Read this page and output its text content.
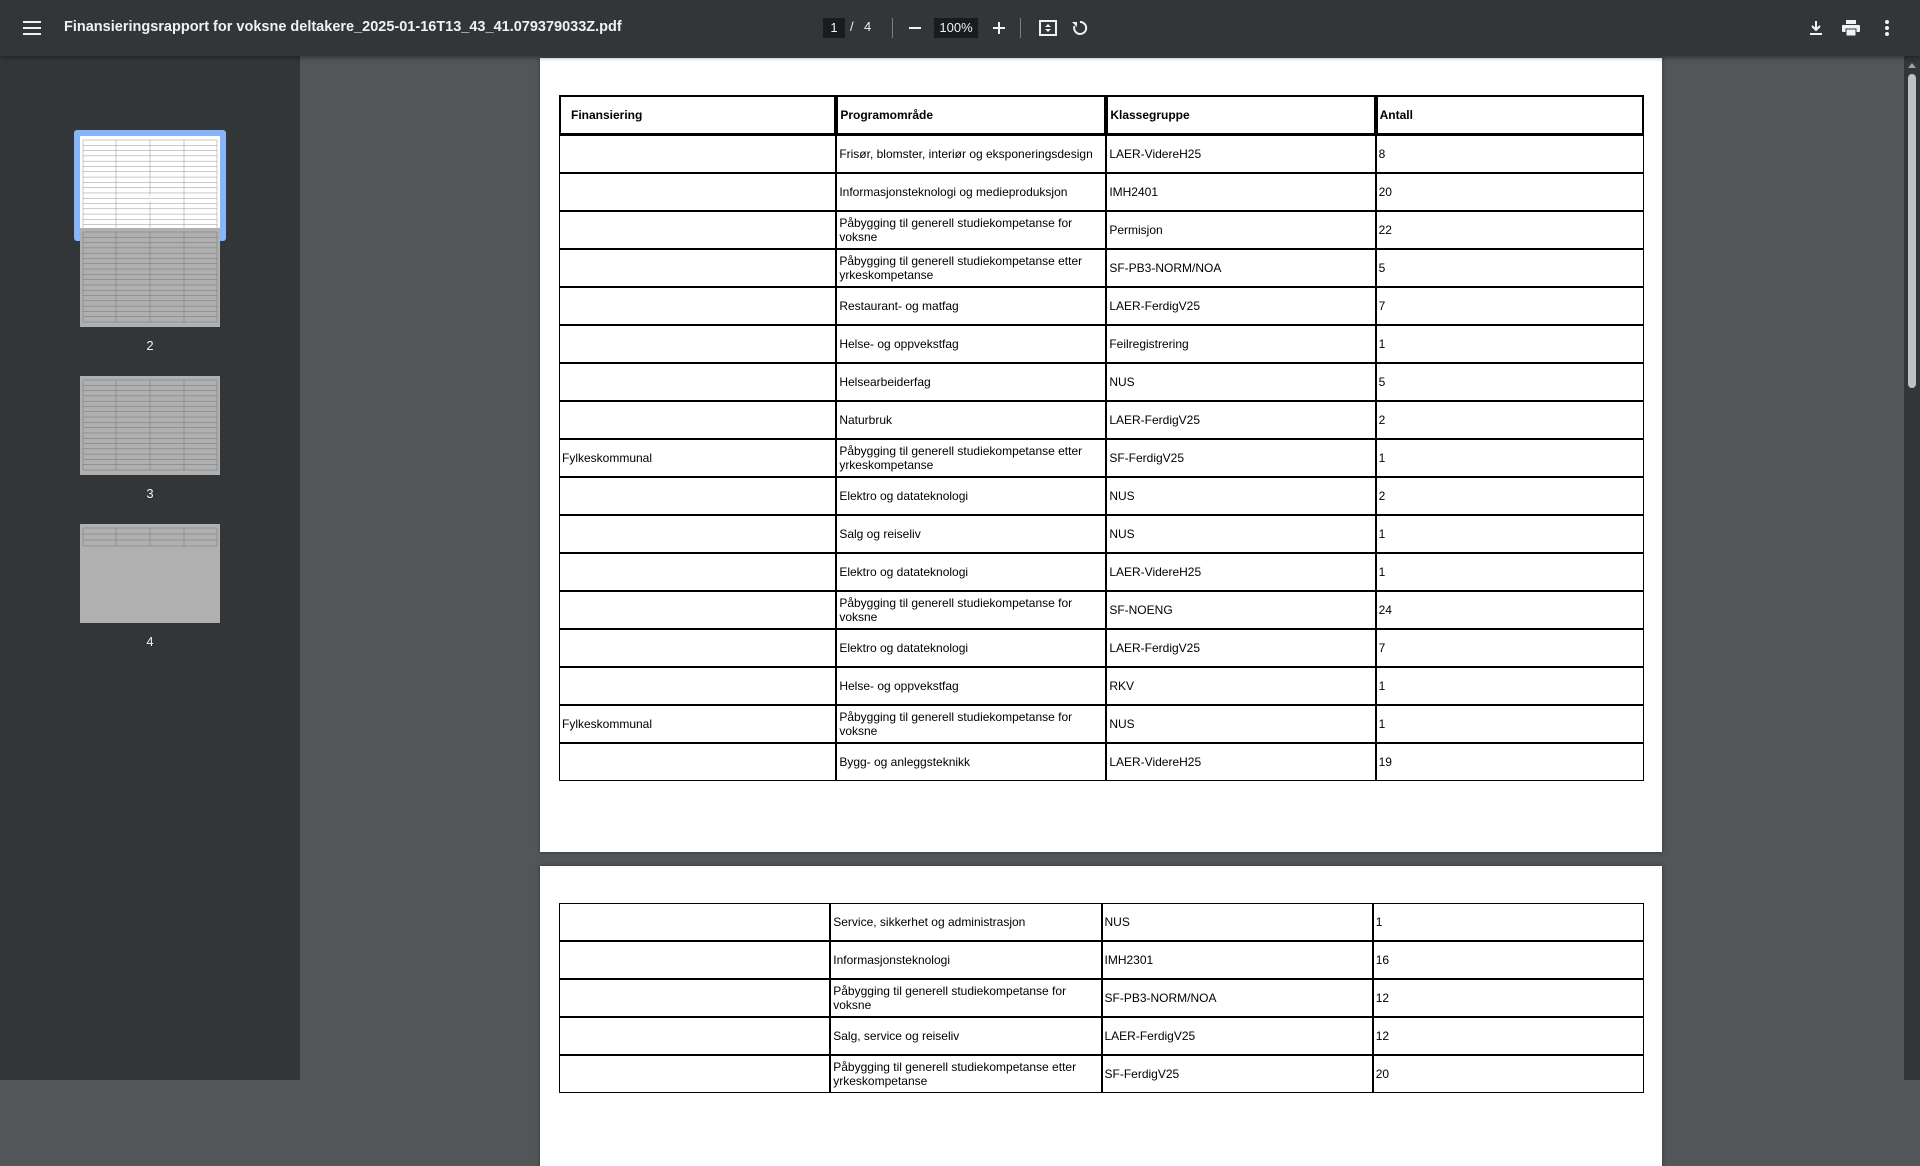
Finansieringsrapport for voksne deltakere_2025-01-16T13_43_41.079379033Z.pdf	1 / 4	100%
1
2
3
4
Finansiering	Programområde	Klassegruppe	Antall
	Frisør, blomster, interiør og eksponeringsdesign	LAER-VidereH25	8
	Informasjonsteknologi og medieproduksjon	IMH2401	20
	Påbygging til generell studiekompetanse for voksne	Permisjon	22
	Påbygging til generell studiekompetanse etter yrkeskompetanse	SF-PB3-NORM/NOA	5
	Restaurant- og matfag	LAER-FerdigV25	7
	Helse- og oppvekstfag	Feilregistrering	1
	Helsearbeiderfag	NUS	5
	Naturbruk	LAER-FerdigV25	2
Fylkeskommunal	Påbygging til generell studiekompetanse etter yrkeskompetanse	SF-FerdigV25	1
	Elektro og datateknologi	NUS	2
	Salg og reiseliv	NUS	1
	Elektro og datateknologi	LAER-VidereH25	1
	Påbygging til generell studiekompetanse for voksne	SF-NOENG	24
	Elektro og datateknologi	LAER-FerdigV25	7
	Helse- og oppvekstfag	RKV	1
Fylkeskommunal	Påbygging til generell studiekompetanse for voksne	NUS	1
	Bygg- og anleggsteknikk	LAER-VidereH25	19
	Service, sikkerhet og administrasjon	NUS	1
	Informasjonsteknologi	IMH2301	16
	Påbygging til generell studiekompetanse for voksne	SF-PB3-NORM/NOA	12
	Salg, service og reiseliv	LAER-FerdigV25	12
	Påbygging til generell studiekompetanse etter yrkeskompetanse	SF-FerdigV25	20
